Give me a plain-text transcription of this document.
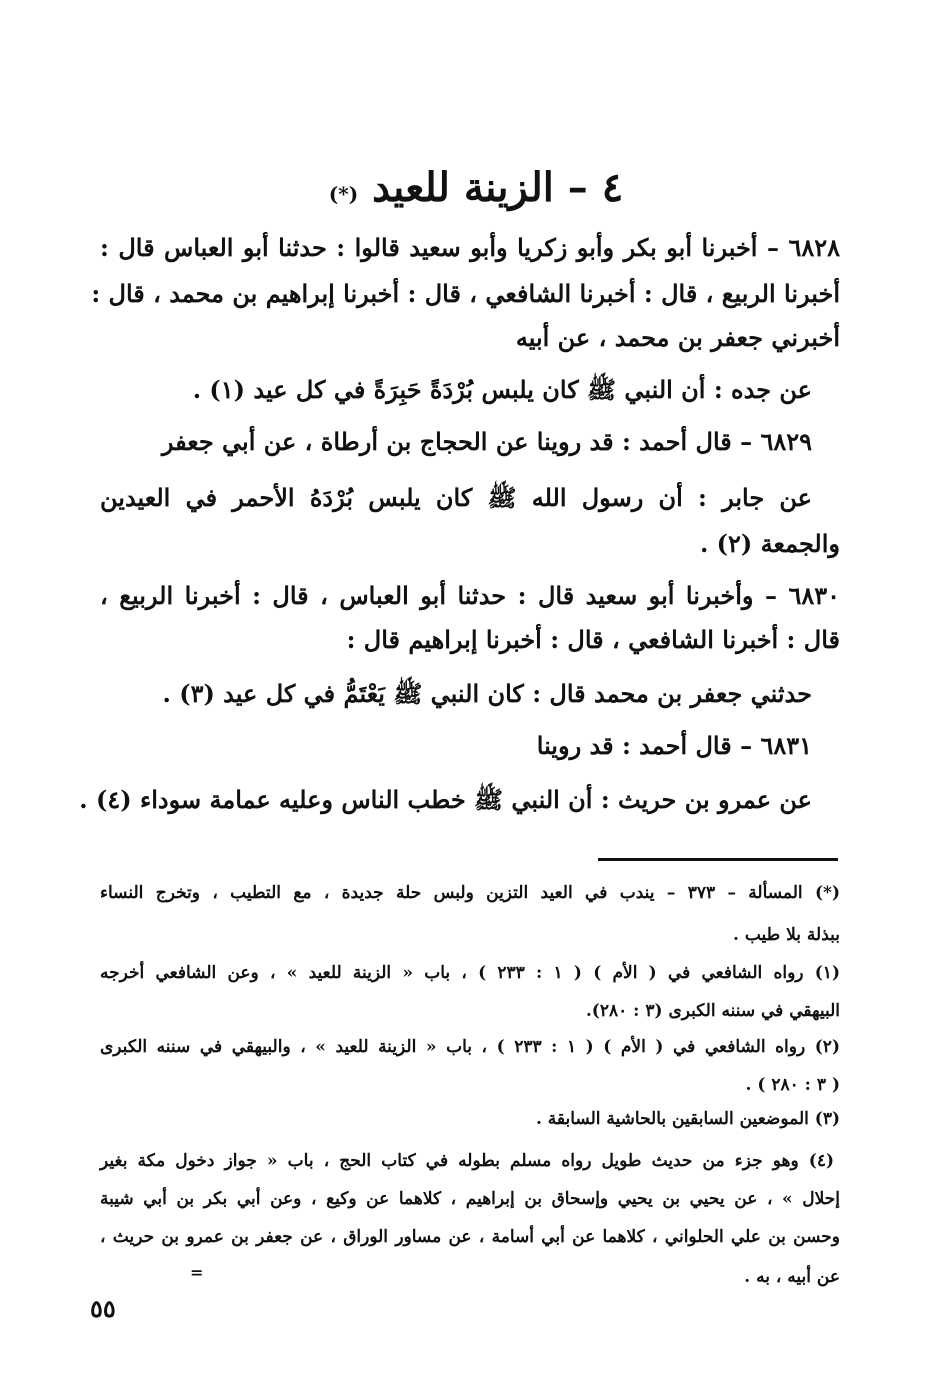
٤ – الزينة للعيد (*)
٦٨٢٨ – أخبرنا أبو بكر وأبو زكريا وأبو سعيد قالوا : حدثنا أبو العباس قال :
أخبرنا الربيع ، قال : أخبرنا الشافعي ، قال : أخبرنا إبراهيم بن محمد ، قال :
أخبرني جعفر بن محمد ، عن أبيه
عن جده : أن النبي ﷺ كان يلبس بُرْدَةً حَبِرَةً في كل عيد (١) .
٦٨٢٩ – قال أحمد : قد روينا عن الحجاج بن أرطاة ، عن أبي جعفر
عن جابر : أن رسول الله ﷺ كان يلبس بُرْدَهُ الأحمر في العيدين
والجمعة (٢) .
٦٨٣٠ – وأخبرنا أبو سعيد قال : حدثنا أبو العباس ، قال : أخبرنا الربيع ،
قال : أخبرنا الشافعي ، قال : أخبرنا إبراهيم قال :
حدثني جعفر بن محمد قال : كان النبي ﷺ يَعْتَمُّ في كل عيد (٣) .
٦٨٣١ – قال أحمد : قد روينا
عن عمرو بن حريث : أن النبي ﷺ خطب الناس وعليه عمامة سوداء (٤) .
(*) المسألة – ٣٧٣ – يندب في العيد التزين ولبس حلة جديدة ، مع التطيب ، وتخرج النساء
ببذلة بلا طيب .
(١) رواه الشافعي في ( الأم ) ( ١ : ٢٣٣ ) ، باب « الزينة للعيد » ، وعن الشافعي أخرجه
البيهقي في سننه الكبرى (٣ : ٢٨٠).
(٢) رواه الشافعي في ( الأم ) ( ١ : ٢٣٣ ) ، باب « الزينة للعيد » ، والبيهقي في سننه الكبرى
( ٣ : ٢٨٠ ) .
(٣) الموضعين السابقين بالحاشية السابقة .
(٤) وهو جزء من حديث طويل رواه مسلم بطوله في كتاب الحج ، باب « جواز دخول مكة بغير
إحلال » ، عن يحيي بن يحيي وإسحاق بن إبراهيم ، كلاهما عن وكيع ، وعن أبي بكر بن أبي شيبة
وحسن بن علي الحلواني ، كلاهما عن أبي أسامة ، عن مساور الوراق ، عن جعفر بن عمرو بن حريث ،
عن أبيه ، به .
=
٥٥
